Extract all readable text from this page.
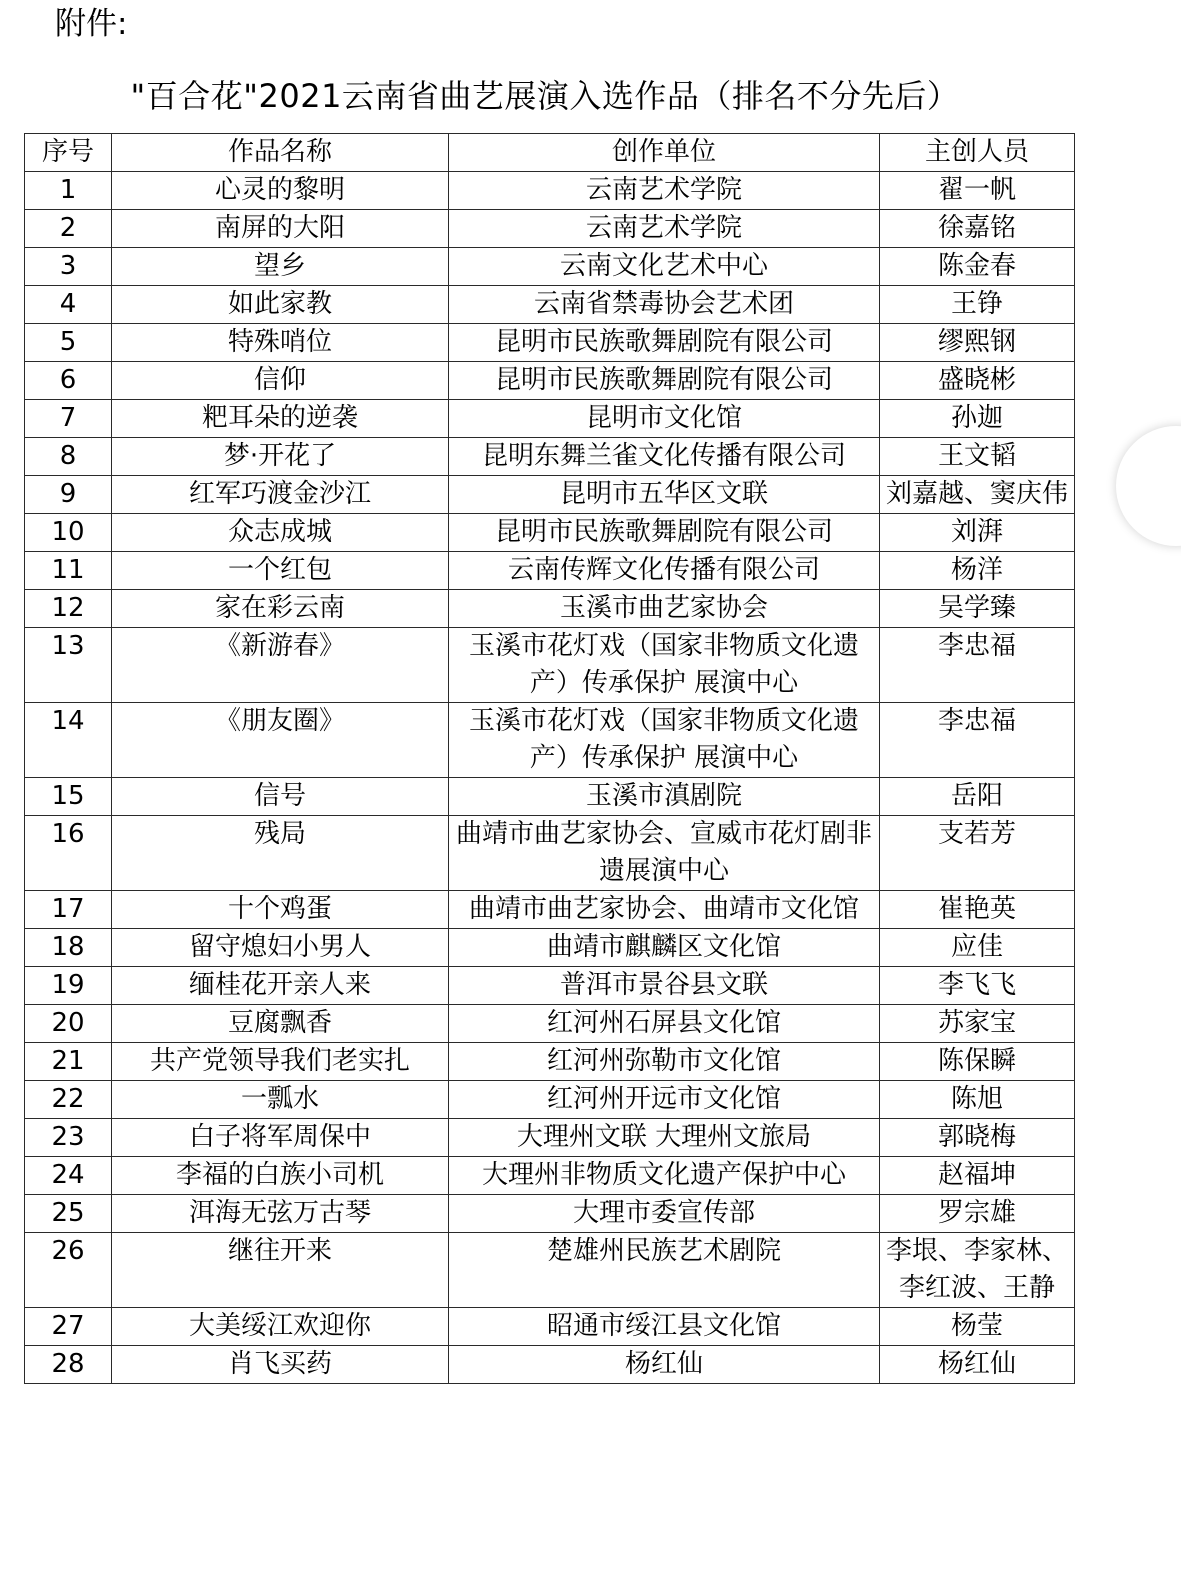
附件:
"百合花"2021云南省曲艺展演入选作品（排名不分先后）
序号	作品名称	创作单位	主创人员
1	心灵的黎明	云南艺术学院	翟一帆
2	南屏的大阳	云南艺术学院	徐嘉铭
3	望乡	云南文化艺术中心	陈金春
4	如此家教	云南省禁毒协会艺术团	王铮
5	特殊哨位	昆明市民族歌舞剧院有限公司	缪熙钢
6	信仰	昆明市民族歌舞剧院有限公司	盛晓彬
7	粑耳朵的逆袭	昆明市文化馆	孙迦
8	梦·开花了	昆明东舞兰雀文化传播有限公司	王文韬
9	红军巧渡金沙江	昆明市五华区文联	刘嘉越、窦庆伟
10	众志成城	昆明市民族歌舞剧院有限公司	刘湃
11	一个红包	云南传辉文化传播有限公司	杨洋
12	家在彩云南	玉溪市曲艺家协会	吴学臻
13	《新游春》	玉溪市花灯戏（国家非物质文化遗产）传承保护 展演中心	李忠福
14	《朋友圈》	玉溪市花灯戏（国家非物质文化遗产）传承保护 展演中心	李忠福
15	信号	玉溪市滇剧院	岳阳
16	残局	曲靖市曲艺家协会、宣威市花灯剧非遗展演中心	支若芳
17	十个鸡蛋	曲靖市曲艺家协会、曲靖市文化馆	崔艳英
18	留守熄妇小男人	曲靖市麒麟区文化馆	应佳
19	缅桂花开亲人来	普洱市景谷县文联	李飞飞
20	豆腐飘香	红河州石屏县文化馆	苏家宝
21	共产党领导我们老实扎	红河州弥勒市文化馆	陈保瞬
22	一瓢水	红河州开远市文化馆	陈旭
23	白子将军周保中	大理州文联 大理州文旅局	郭晓梅
24	李福的白族小司机	大理州非物质文化遗产保护中心	赵福坤
25	洱海无弦万古琴	大理市委宣传部	罗宗雄
26	继往开来	楚雄州民族艺术剧院	李垠、李家林、李红波、王静
27	大美绥江欢迎你	昭通市绥江县文化馆	杨莹
28	肖飞买药	杨红仙	杨红仙
